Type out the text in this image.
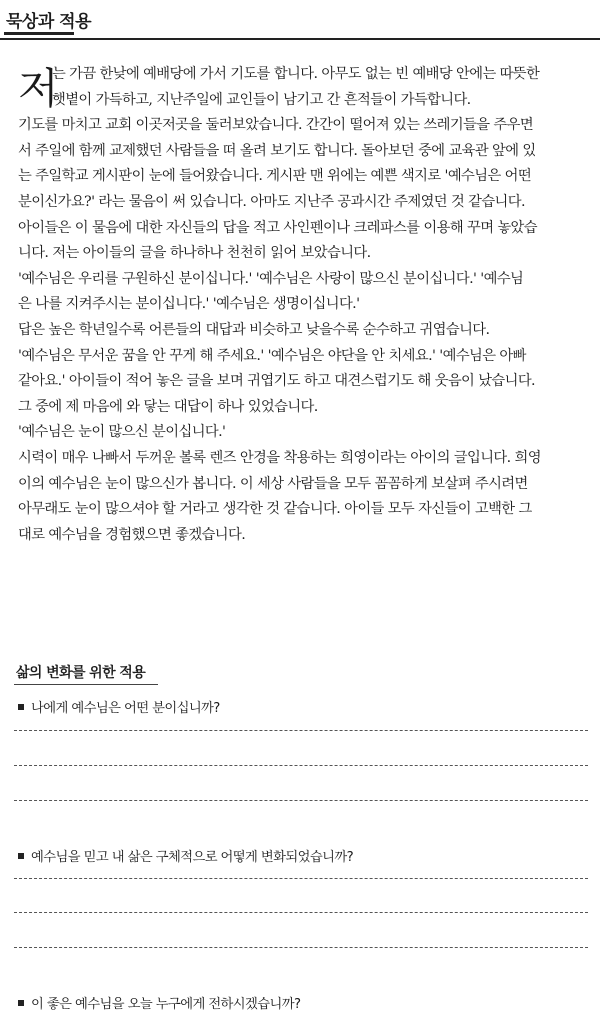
묵상과 적용
저
는 가끔 한낮에 예배당에 가서 기도를 합니다. 아무도 없는 빈 예배당 안에는 따뜻한
햇볕이 가득하고, 지난주일에 교인들이 남기고 간 흔적들이 가득합니다.
기도를 마치고 교회 이곳저곳을 둘러보았습니다. 간간이 떨어져 있는 쓰레기들을 주우면
서 주일에 함께 교제했던 사람들을 떠 올려 보기도 합니다. 돌아보던 중에 교육관 앞에 있
는 주일학교 게시판이 눈에 들어왔습니다. 게시판 맨 위에는 예쁜 색지로 '예수님은 어떤
분이신가요?' 라는 물음이 써 있습니다. 아마도 지난주 공과시간 주제였던 것 같습니다.
아이들은 이 물음에 대한 자신들의 답을 적고 사인펜이나 크레파스를 이용해 꾸며 놓았습
니다. 저는 아이들의 글을 하나하나 천천히 읽어 보았습니다.
'예수님은 우리를 구원하신 분이십니다.' '예수님은 사랑이 많으신 분이십니다.' '예수님
은 나를 지켜주시는 분이십니다.' '예수님은 생명이십니다.'
답은 높은 학년일수록 어른들의 대답과 비슷하고 낮을수록 순수하고 귀엽습니다.
'예수님은 무서운 꿈을 안 꾸게 해 주세요.' '예수님은 야단을 안 치세요.' '예수님은 아빠
같아요.' 아이들이 적어 놓은 글을 보며 귀엽기도 하고 대견스럽기도 해 웃음이 났습니다.
그 중에 제 마음에 와 닿는 대답이 하나 있었습니다.
'예수님은 눈이 많으신 분이십니다.'
시력이 매우 나빠서 두꺼운 볼록 렌즈 안경을 착용하는 희영이라는 아이의 글입니다. 희영
이의 예수님은 눈이 많으신가 봅니다. 이 세상 사람들을 모두 꼼꼼하게 보살펴 주시려면
아무래도 눈이 많으셔야 할 거라고 생각한 것 같습니다. 아이들 모두 자신들이 고백한 그
대로 예수님을 경험했으면 좋겠습니다.
삶의 변화를 위한 적용
나에게 예수님은 어떤 분이십니까?
예수님을 믿고 내 삶은 구체적으로 어떻게 변화되었습니까?
이 좋은 예수님을 오늘 누구에게 전하시겠습니까?
